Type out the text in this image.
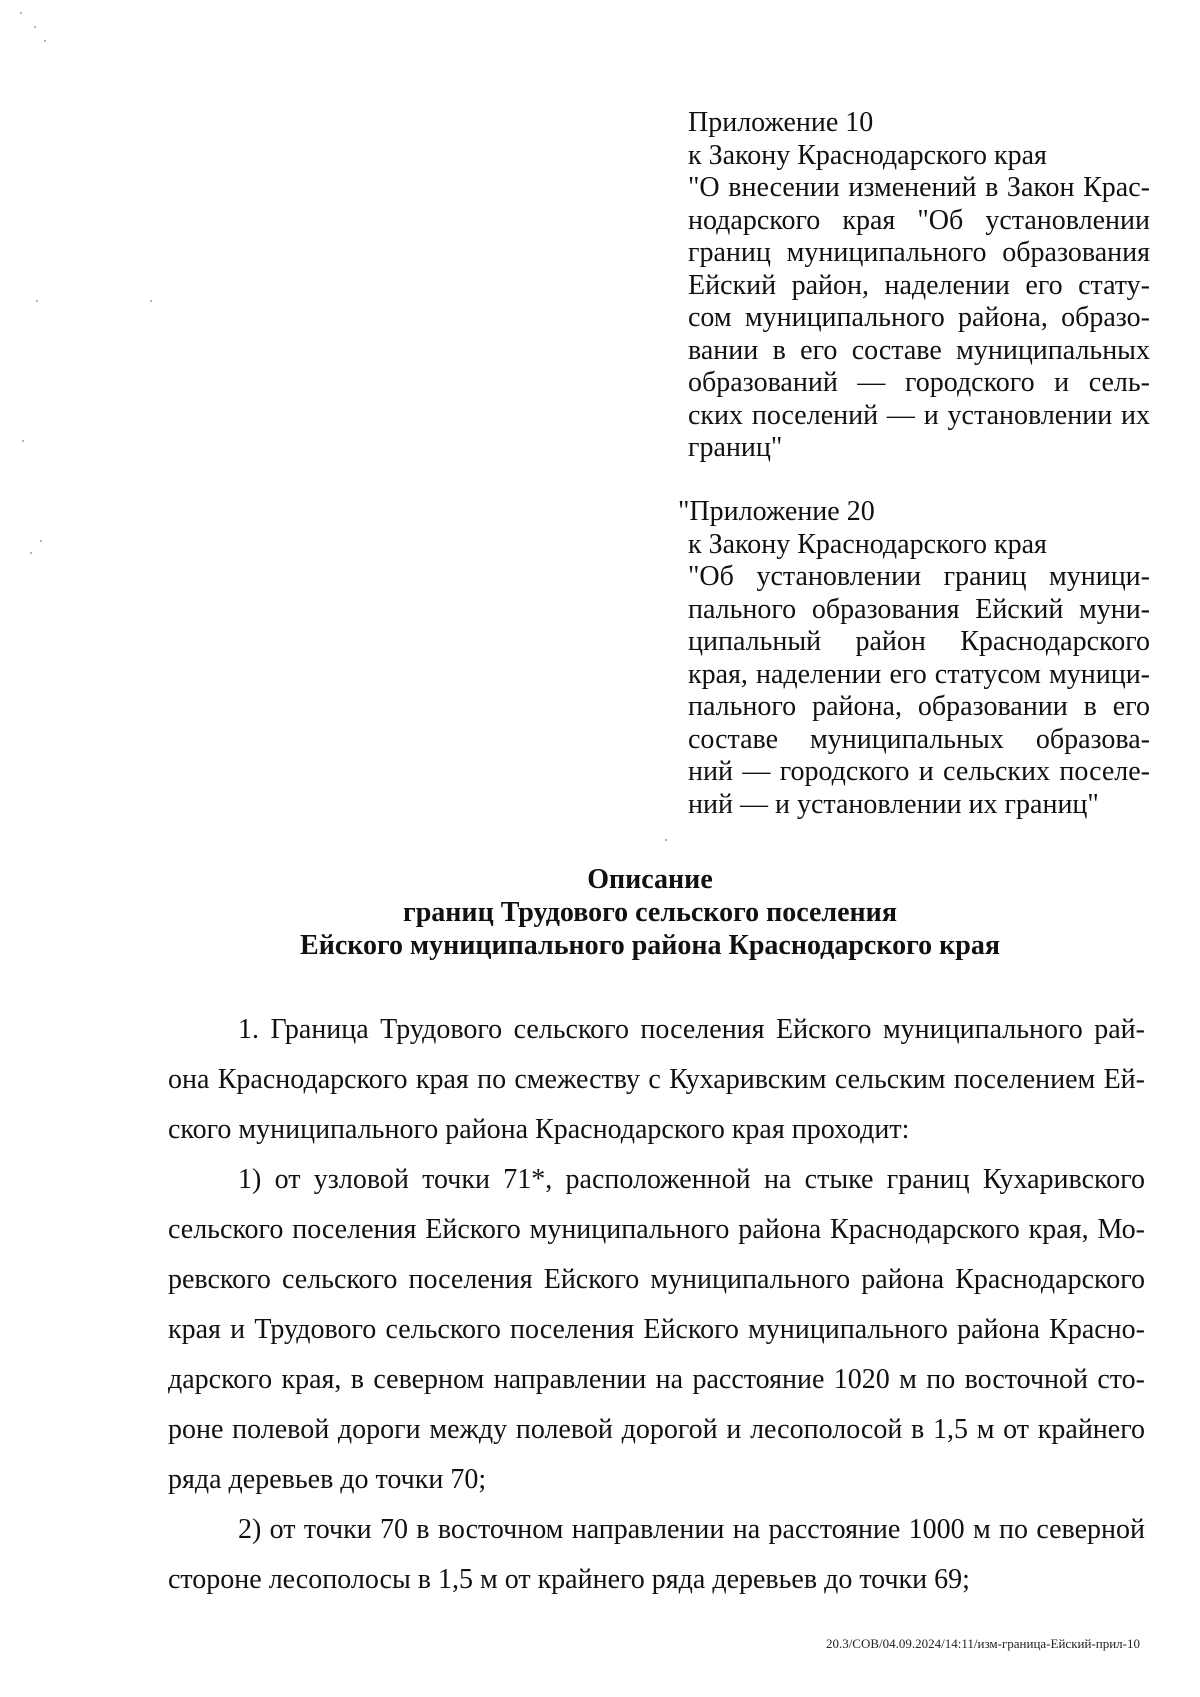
Приложение 10
к Закону Краснодарского края
"О внесении изменений в Закон Крас-
нодарского края "Об установлении
границ муниципального образования
Ейский район, наделении его стату-
сом муниципального района, образо-
вании в его составе муниципальных
образований — городского и сель-
ских поселений — и установлении их
границ"
"Приложение 20
к Закону Краснодарского края
"Об установлении границ муници-
пального образования Ейский муни-
ципальный район Краснодарского
края, наделении его статусом муници-
пального района, образовании в его
составе муниципальных образова-
ний — городского и сельских поселе-
ний — и установлении их границ"
Описание
границ Трудового сельского поселения
Ейского муниципального района Краснодарского края
1. Граница Трудового сельского поселения Ейского муниципального рай-
она Краснодарского края по смежеству с Кухаривским сельским поселением Ей-
ского муниципального района Краснодарского края проходит:
1) от узловой точки 71*, расположенной на стыке границ Кухаривского
сельского поселения Ейского муниципального района Краснодарского края, Мо-
ревского сельского поселения Ейского муниципального района Краснодарского
края и Трудового сельского поселения Ейского муниципального района Красно-
дарского края, в северном направлении на расстояние 1020 м по восточной сто-
роне полевой дороги между полевой дорогой и лесополосой в 1,5 м от крайнего
ряда деревьев до точки 70;
2) от точки 70 в восточном направлении на расстояние 1000 м по северной
стороне лесополосы в 1,5 м от крайнего ряда деревьев до точки 69;
20.3/СОВ/04.09.2024/14:11/изм-граница-Ейский-прил-10
